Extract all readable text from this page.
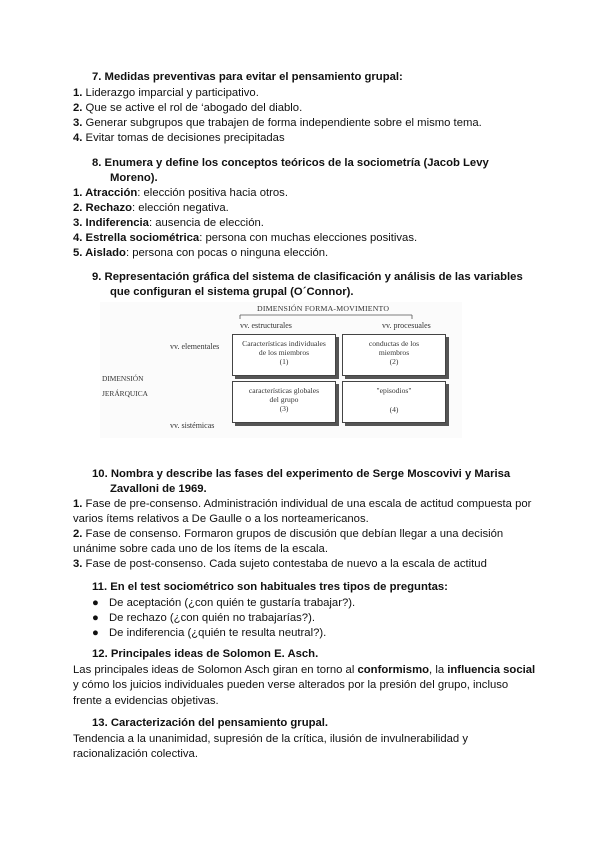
7. Medidas preventivas para evitar el pensamiento grupal:
1. Liderazgo imparcial y participativo.
2. Que se active el rol de ‘abogado del diablo.
3. Generar subgrupos que trabajen de forma independiente sobre el mismo tema.
4. Evitar tomas de decisiones precipitadas
8. Enumera y define los conceptos teóricos de la sociometría (Jacob Levy
Moreno).
1. Atracción: elección positiva hacia otros.
2. Rechazo: elección negativa.
3. Indiferencia: ausencia de elección.
4. Estrella sociométrica: persona con muchas elecciones positivas.
5. Aislado: persona con pocas o ninguna elección.
9. Representación gráfica del sistema de clasificación y análisis de las variables
que configuran el sistema grupal (O´Connor).
DIMENSIÓN FORMA-MOVIMIENTO
vv. estructurales	vv. procesuales
vv. elementales
DIMENSIÓN
JERÁRQUICA
vv. sistémicas
Características individuales
de los miembros
(1)
conductas de los
miembros
(2)
características globales
del grupo
(3)
"episodios"
(4)
10. Nombra y describe las fases del experimento de Serge Moscovivi y Marisa
Zavalloni de 1969.
1. Fase de pre-consenso. Administración individual de una escala de actitud compuesta por
varios ítems relativos a De Gaulle o a los norteamericanos.
2. Fase de consenso. Formaron grupos de discusión que debían llegar a una decisión
unánime sobre cada uno de los ítems de la escala.
3. Fase de post-consenso. Cada sujeto contestaba de nuevo a la escala de actitud
11. En el test sociométrico son habituales tres tipos de preguntas:
● De aceptación (¿con quién te gustaría trabajar?).
● De rechazo (¿con quién no trabajarías?).
● De indiferencia (¿quién te resulta neutral?).
12. Principales ideas de Solomon E. Asch.
Las principales ideas de Solomon Asch giran en torno al conformismo, la influencia social
y cómo los juicios individuales pueden verse alterados por la presión del grupo, incluso
frente a evidencias objetivas.
13. Caracterización del pensamiento grupal.
Tendencia a la unanimidad, supresión de la crítica, ilusión de invulnerabilidad y
racionalización colectiva.
